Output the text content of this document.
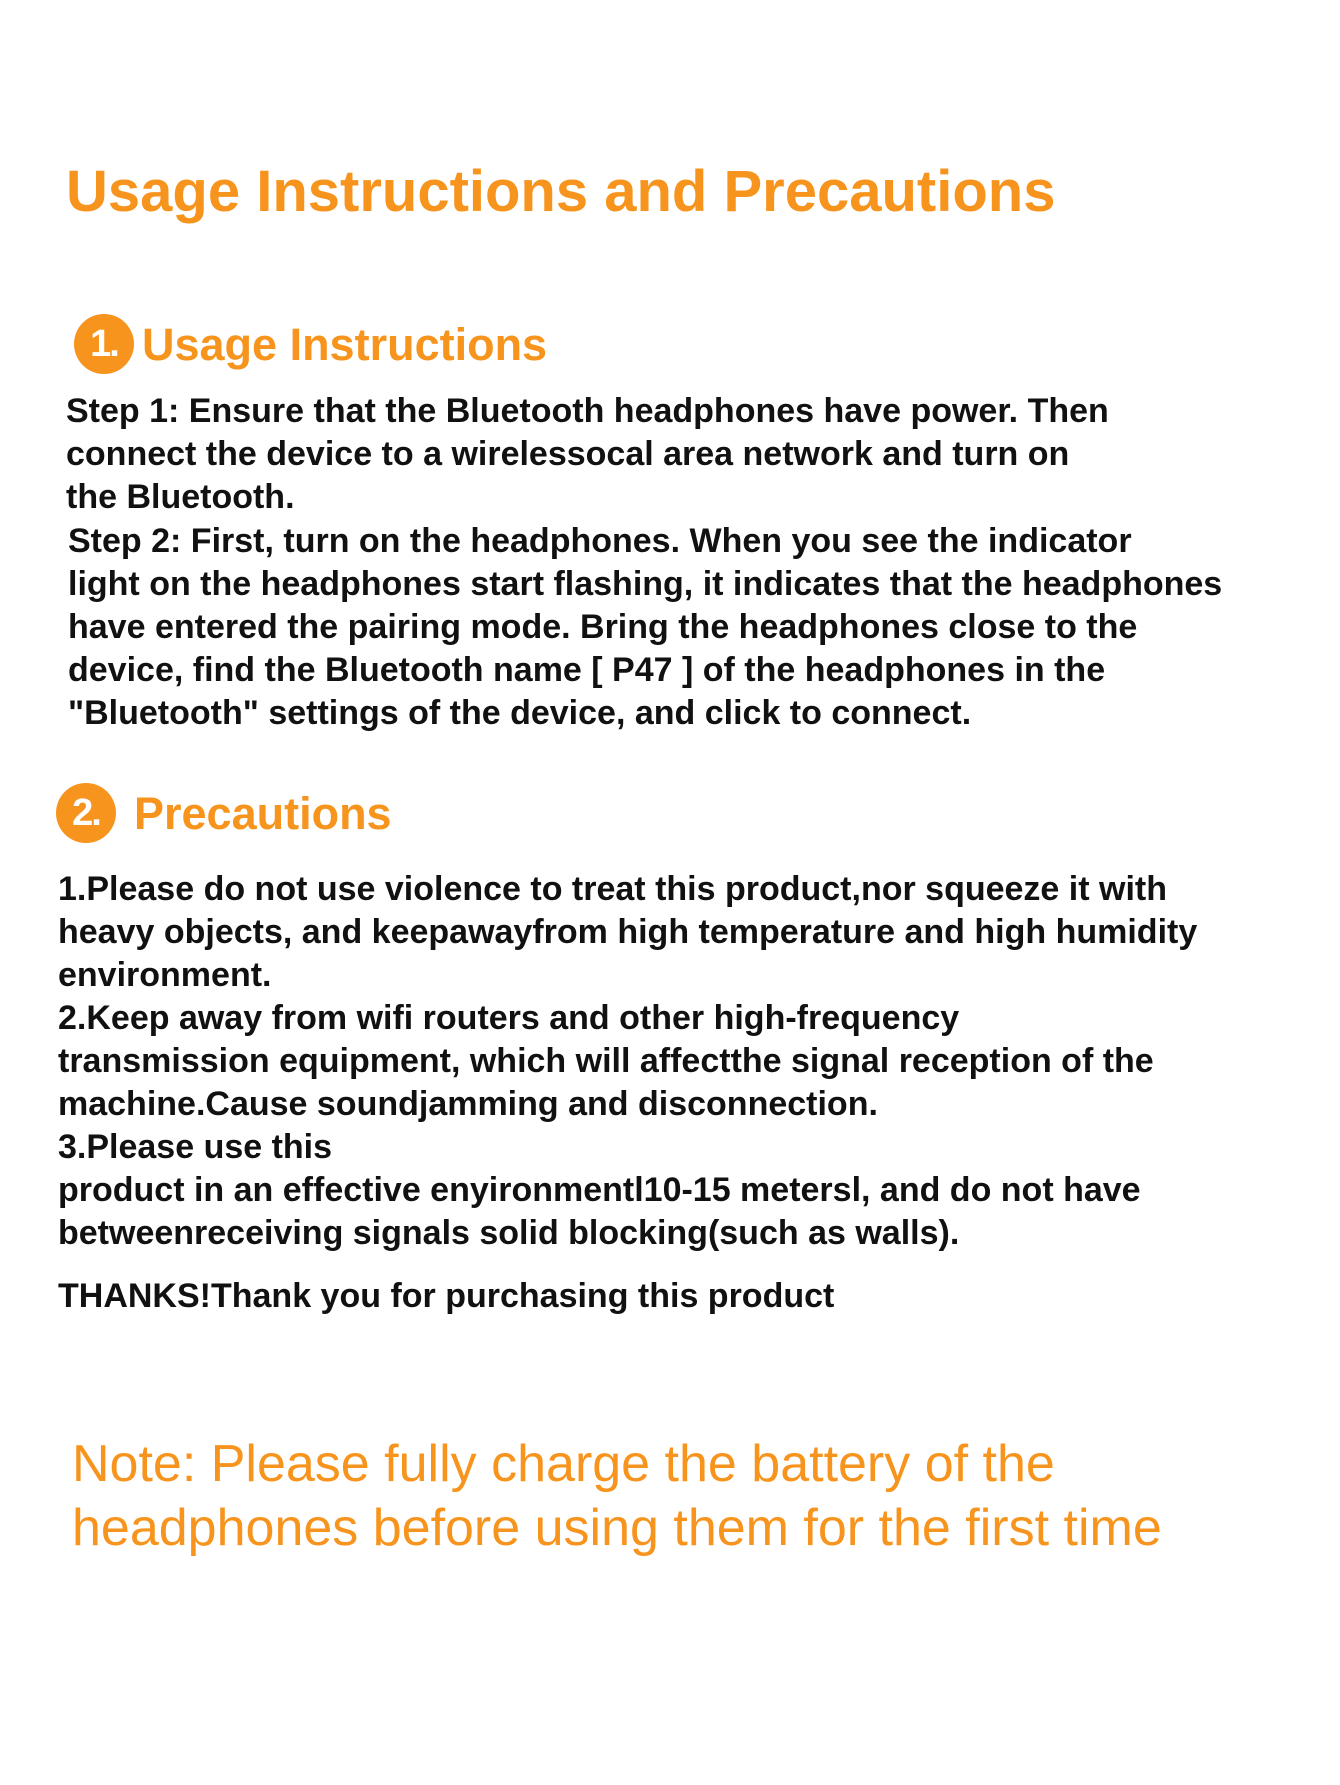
Usage Instructions and Precautions
1. Usage Instructions

Step 1: Ensure that the Bluetooth headphones have power. Then
connect the device to a wirelessocal area network and turn on
the Bluetooth.

Step 2: First, turn on the headphones. When you see the indicator
light on the headphones start flashing, it indicates that the headphones
have entered the pairing mode. Bring the headphones close to the
device, find the Bluetooth name [ P47 ] of the headphones in the
"Bluetooth" settings of the device, and click to connect.

2. Precautions

1.Please do not use violence to treat this product,nor squeeze it with
heavy objects, and keepawayfrom high temperature and high humidity
environment.

2.Keep away from wifi routers and other high-frequency
transmission equipment, which will affectthe signal reception of the
machine.Cause soundjamming and disconnection.

3.Please use this
product in an effective enyironmentl10-15 metersl, and do not have
betweenreceiving signals solid blocking(such as walls).

THANKS!Thank you for purchasing this product

Note: Please fully charge the battery of the
headphones before using them for the first time
